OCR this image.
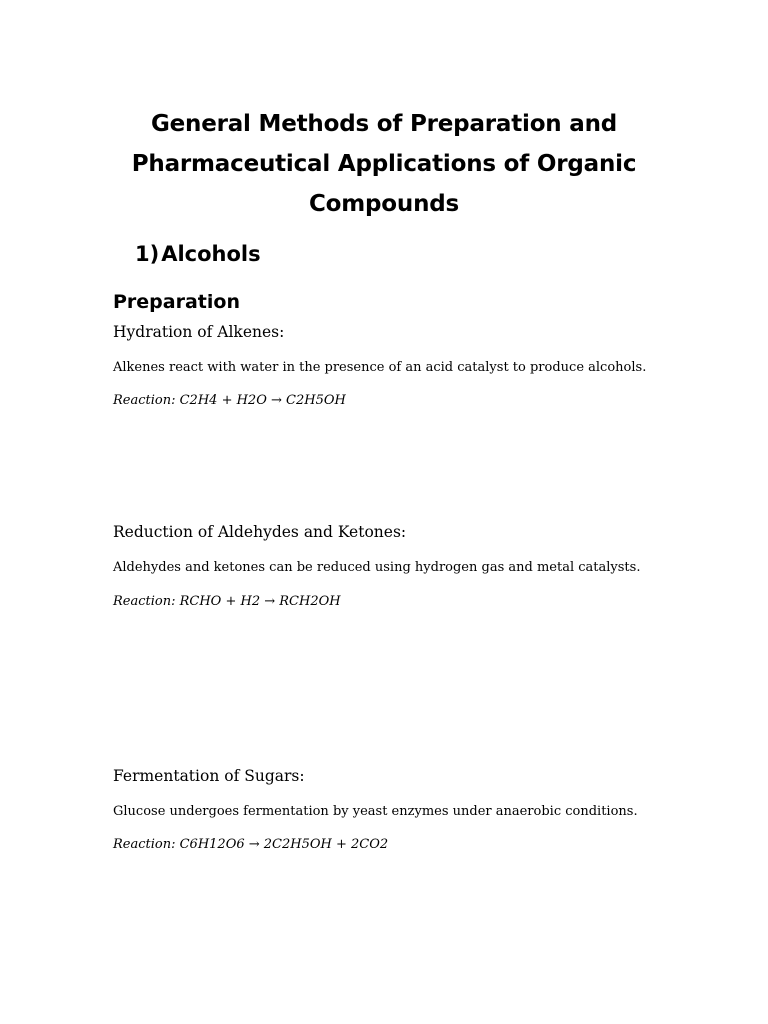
General Methods of Preparation and
Pharmaceutical Applications of Organic
Compounds
1)Alcohols
Preparation
Hydration of Alkenes:
Alkenes react with water in the presence of an acid catalyst to produce alcohols.
Reaction: C2H4 + H2O → C2H5OH
Reduction of Aldehydes and Ketones:
Aldehydes and ketones can be reduced using hydrogen gas and metal catalysts.
Reaction: RCHO + H2 → RCH2OH
Fermentation of Sugars:
Glucose undergoes fermentation by yeast enzymes under anaerobic conditions.
Reaction: C6H12O6 → 2C2H5OH + 2CO2
